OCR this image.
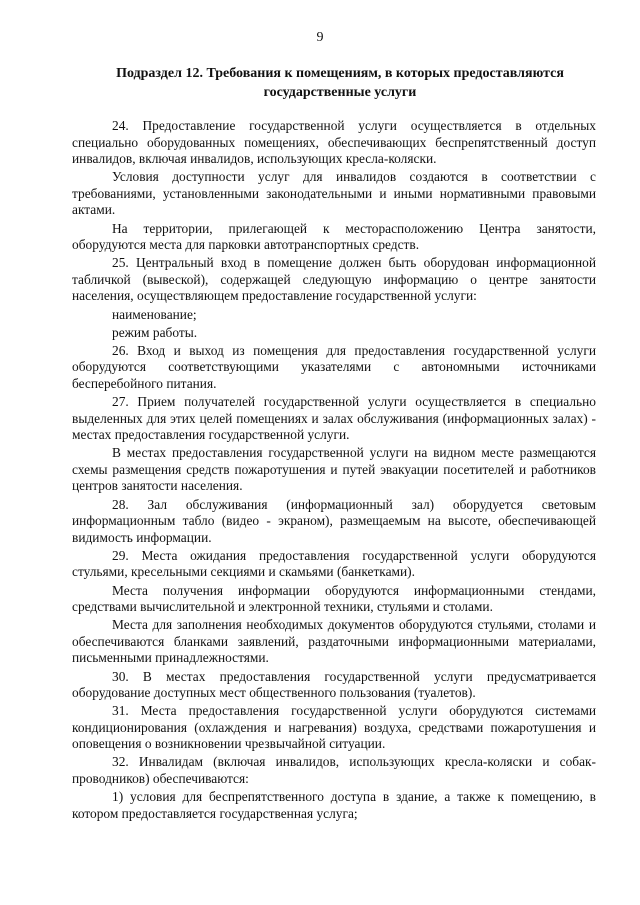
9
Подраздел 12. Требования к помещениям, в которых предоставляются государственные услуги

24. Предоставление государственной услуги осуществляется в отдельных специально оборудованных помещениях, обеспечивающих беспрепятственный доступ инвалидов, включая инвалидов, использующих кресла-коляски.

Условия доступности услуг для инвалидов создаются в соответствии с требованиями, установленными законодательными и иными нормативными правовыми актами.

На территории, прилегающей к месторасположению Центра занятости, оборудуются места для парковки автотранспортных средств.

25. Центральный вход в помещение должен быть оборудован информационной табличкой (вывеской), содержащей следующую информацию о центре занятости населения, осуществляющем предоставление государственной услуги:

наименование;

режим работы.

26. Вход и выход из помещения для предоставления государственной услуги оборудуются соответствующими указателями с автономными источниками бесперебойного питания.

27. Прием получателей государственной услуги осуществляется в специально выделенных для этих целей помещениях и залах обслуживания (информационных залах) - местах предоставления государственной услуги.

В местах предоставления государственной услуги на видном месте размещаются схемы размещения средств пожаротушения и путей эвакуации посетителей и работников центров занятости населения.

28. Зал обслуживания (информационный зал) оборудуется световым информационным табло (видео - экраном), размещаемым на высоте, обеспечивающей видимость информации.

29. Места ожидания предоставления государственной услуги оборудуются стульями, кресельными секциями и скамьями (банкетками).

Места получения информации оборудуются информационными стендами, средствами вычислительной и электронной техники, стульями и столами.

Места для заполнения необходимых документов оборудуются стульями, столами и обеспечиваются бланками заявлений, раздаточными информационными материалами, письменными принадлежностями.

30. В местах предоставления государственной услуги предусматривается оборудование доступных мест общественного пользования (туалетов).

31. Места предоставления государственной услуги оборудуются системами кондиционирования (охлаждения и нагревания) воздуха, средствами пожаротушения и оповещения о возникновении чрезвычайной ситуации.

32. Инвалидам (включая инвалидов, использующих кресла-коляски и собак-проводников) обеспечиваются:

1) условия для беспрепятственного доступа в здание, а также к помещению, в котором предоставляется государственная услуга;
